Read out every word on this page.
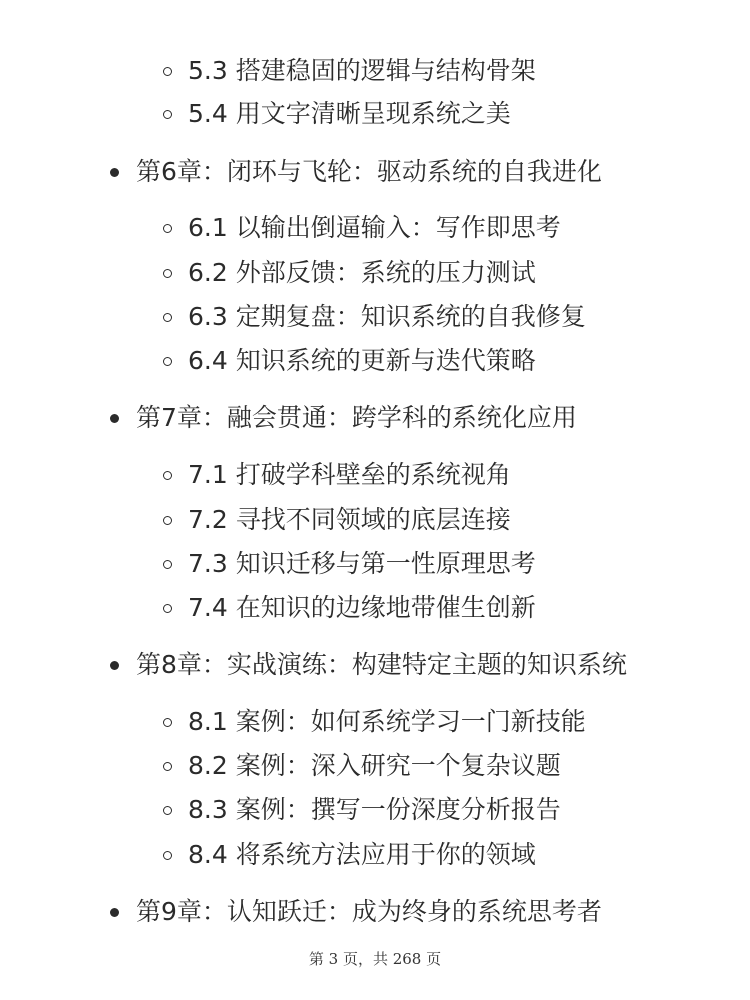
5.3 搭建稳固的逻辑与结构骨架
5.4 用文字清晰呈现系统之美
第6章：闭环与飞轮：驱动系统的自我进化
6.1 以输出倒逼输入：写作即思考
6.2 外部反馈：系统的压力测试
6.3 定期复盘：知识系统的自我修复
6.4 知识系统的更新与迭代策略
第7章：融会贯通：跨学科的系统化应用
7.1 打破学科壁垒的系统视角
7.2 寻找不同领域的底层连接
7.3 知识迁移与第一性原理思考
7.4 在知识的边缘地带催生创新
第8章：实战演练：构建特定主题的知识系统
8.1 案例：如何系统学习一门新技能
8.2 案例：深入研究一个复杂议题
8.3 案例：撰写一份深度分析报告
8.4 将系统方法应用于你的领域
第9章：认知跃迁：成为终身的系统思考者
第 3 页，共 268 页
